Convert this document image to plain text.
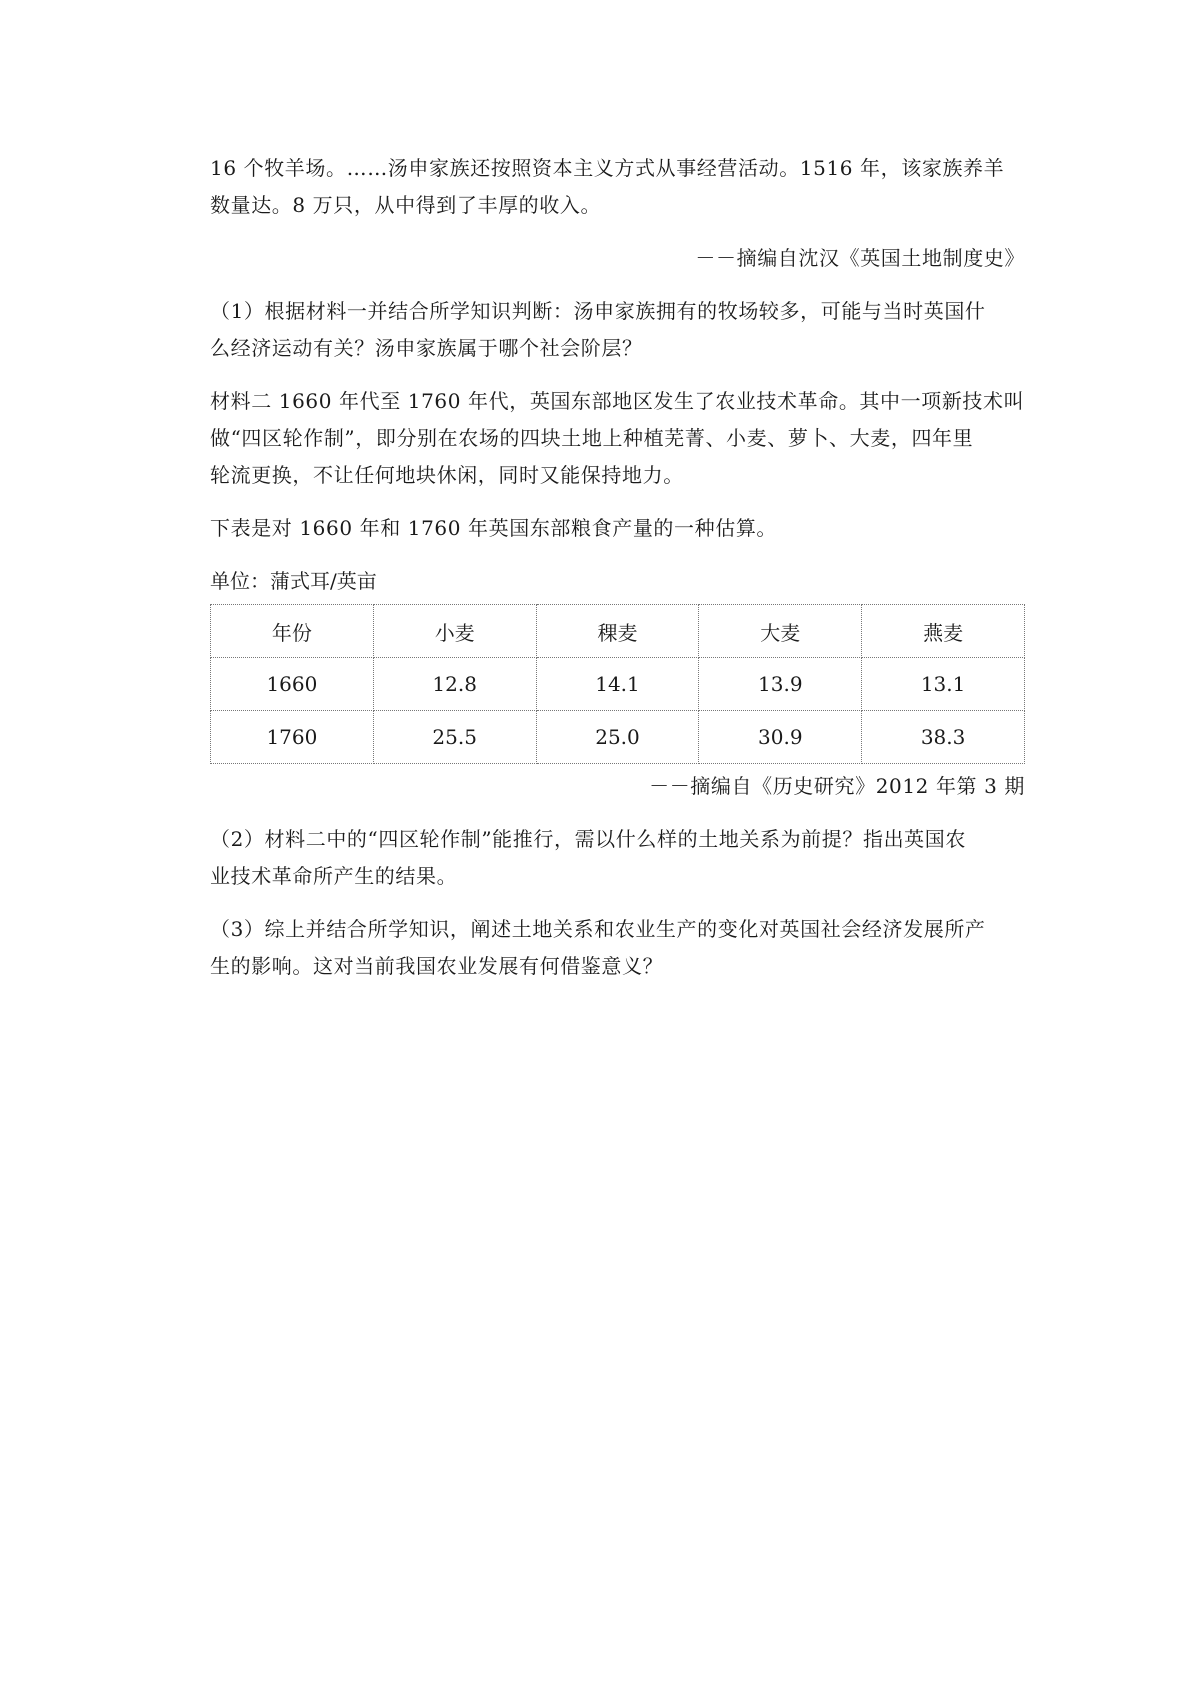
16 个牧羊场。……汤申家族还按照资本主义方式从事经营活动。1516 年，该家族养羊
数量达。8 万只，从中得到了丰厚的收入。

－－摘编自沈汉《英国土地制度史》

（1）根据材料一并结合所学知识判断：汤申家族拥有的牧场较多，可能与当时英国什
么经济运动有关？汤申家族属于哪个社会阶层？

材料二 1660 年代至 1760 年代，英国东部地区发生了农业技术革命。其中一项新技术叫
做“四区轮作制”，即分别在农场的四块土地上种植芜菁、小麦、萝卜、大麦，四年里
轮流更换，不让任何地块休闲，同时又能保持地力。

下表是对 1660 年和 1760 年英国东部粮食产量的一种估算。

单位：蒲式耳/英亩
年份	小麦	稞麦	大麦	燕麦
1660	12.8	14.1	13.9	13.1
1760	25.5	25.0	30.9	38.3
－－摘编自《历史研究》2012 年第 3 期

（2）材料二中的“四区轮作制”能推行，需以什么样的土地关系为前提？指出英国农
业技术革命所产生的结果。

（3）综上并结合所学知识，阐述土地关系和农业生产的变化对英国社会经济发展所产
生的影响。这对当前我国农业发展有何借鉴意义？
